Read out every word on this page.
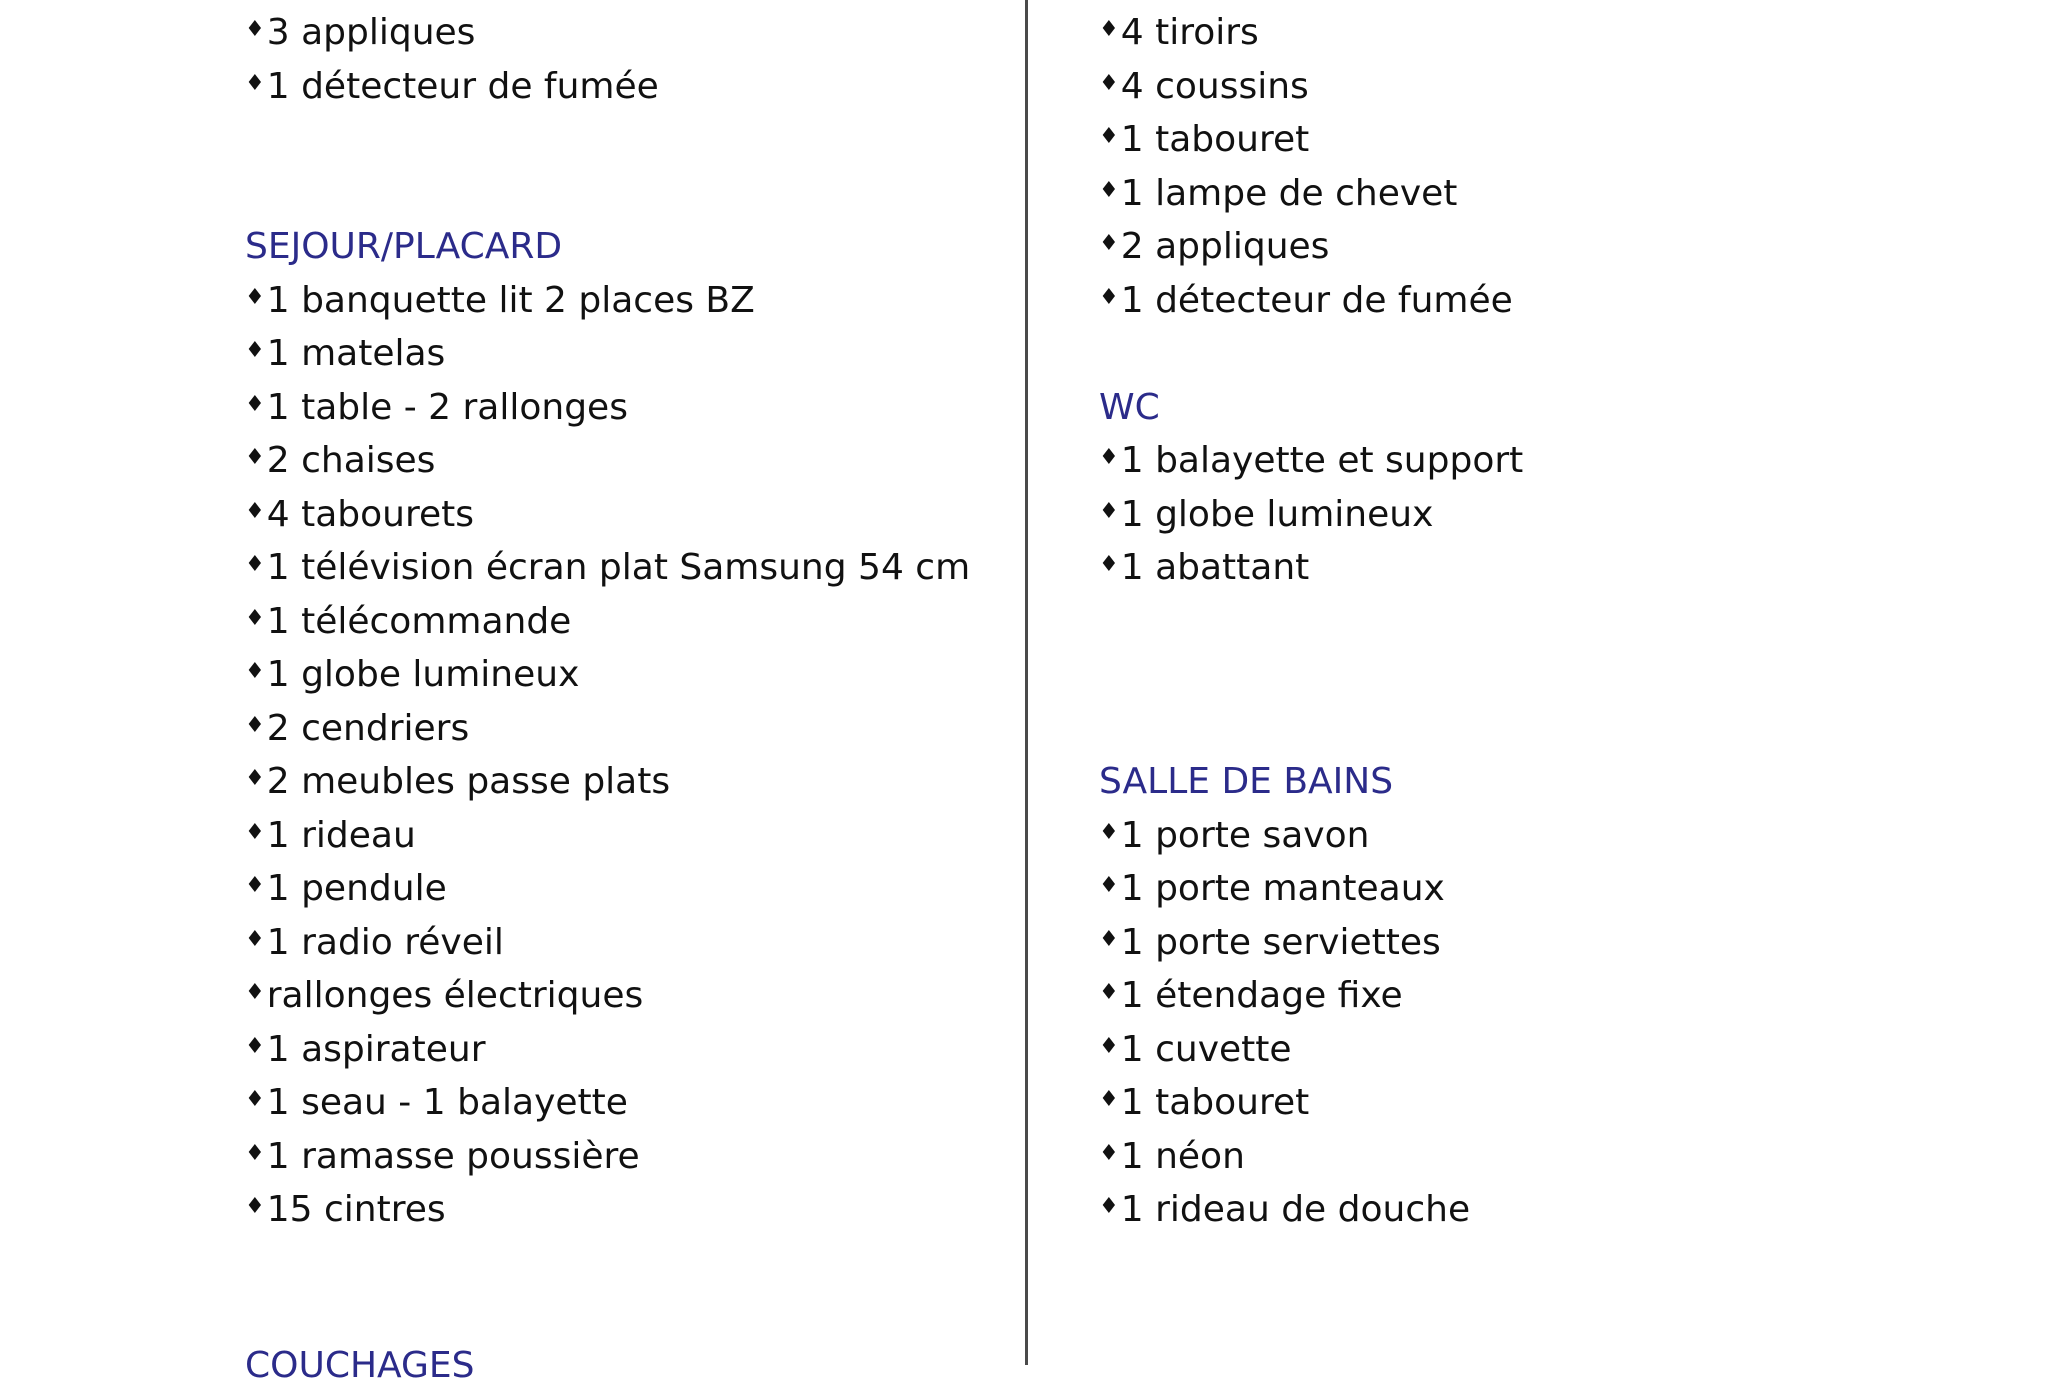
♦ 3 appliques
♦ 1 détecteur de fumée
SEJOUR/PLACARD
♦ 1 banquette lit 2 places BZ
♦ 1 matelas
♦ 1 table - 2 rallonges
♦ 2 chaises
♦ 4 tabourets
♦ 1 télévision écran plat Samsung 54 cm
♦ 1 télécommande
♦ 1 globe lumineux
♦ 2 cendriers
♦ 2 meubles passe plats
♦ 1 rideau
♦ 1 pendule
♦ 1 radio réveil
♦ rallonges électriques
♦ 1 aspirateur
♦ 1 seau - 1 balayette
♦ 1 ramasse poussière
♦ 15 cintres
COUCHAGES
♦ 4 tiroirs
♦ 4 coussins
♦ 1 tabouret
♦ 1 lampe de chevet
♦ 2 appliques
♦ 1 détecteur de fumée
WC
♦ 1 balayette et support
♦ 1 globe lumineux
♦ 1 abattant
SALLE DE BAINS
♦ 1 porte savon
♦ 1 porte manteaux
♦ 1 porte serviettes
♦ 1 étendage fixe
♦ 1 cuvette
♦ 1 tabouret
♦ 1 néon
♦ 1 rideau de douche
